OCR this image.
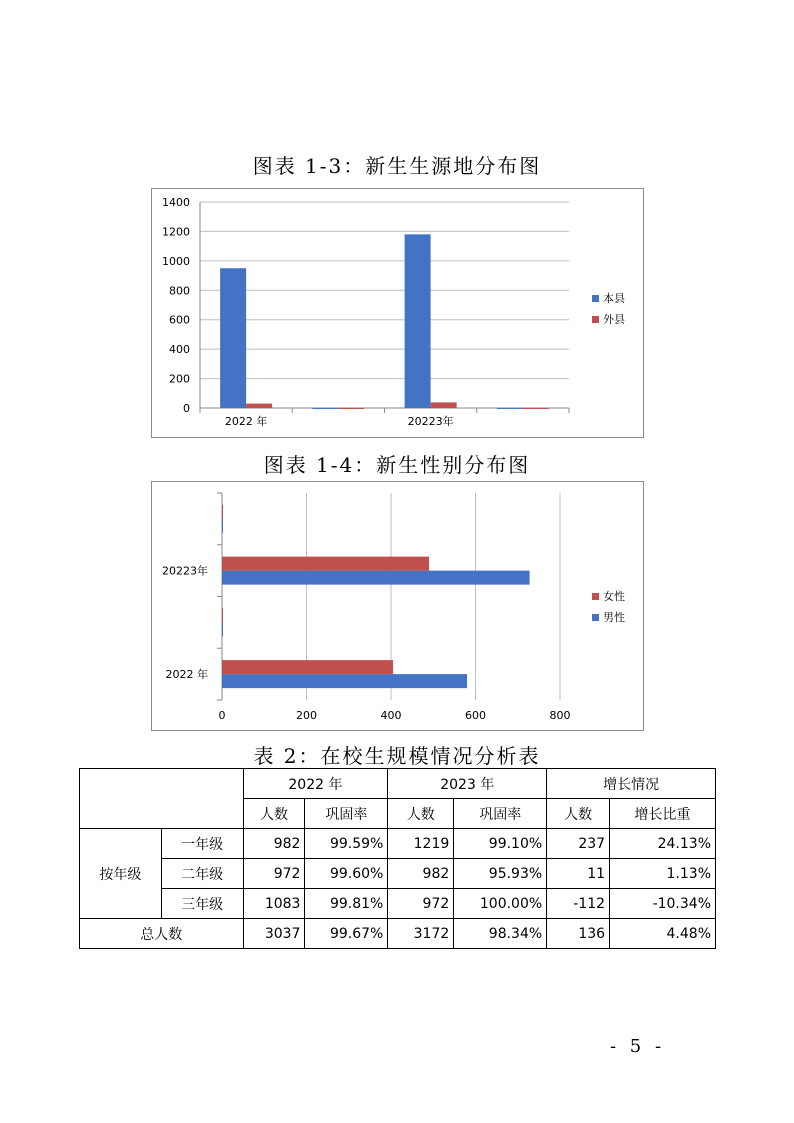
图表 1-3：新生生源地分布图
0
200
400
600
800
1000
1200
1400
2022 年	20223年
本县
外县
图表 1-4：新生性别分布图
0	200	400	600	800
2022 年
20223年
女性
男性
表 2：在校生规模情况分析表
		2022 年		2023 年		增长情况	
		人数	巩固率	人数	巩固率	人数	增长比重
按年级	一年级	982	99.59%	1219	99.10%	237	24.13%
	二年级	972	99.60%	982	95.93%	11	1.13%
	三年级	1083	99.81%	972	100.00%	-112	-10.34%
总人数		3037	99.67%	3172	98.34%	136	4.48%
- 5 -
